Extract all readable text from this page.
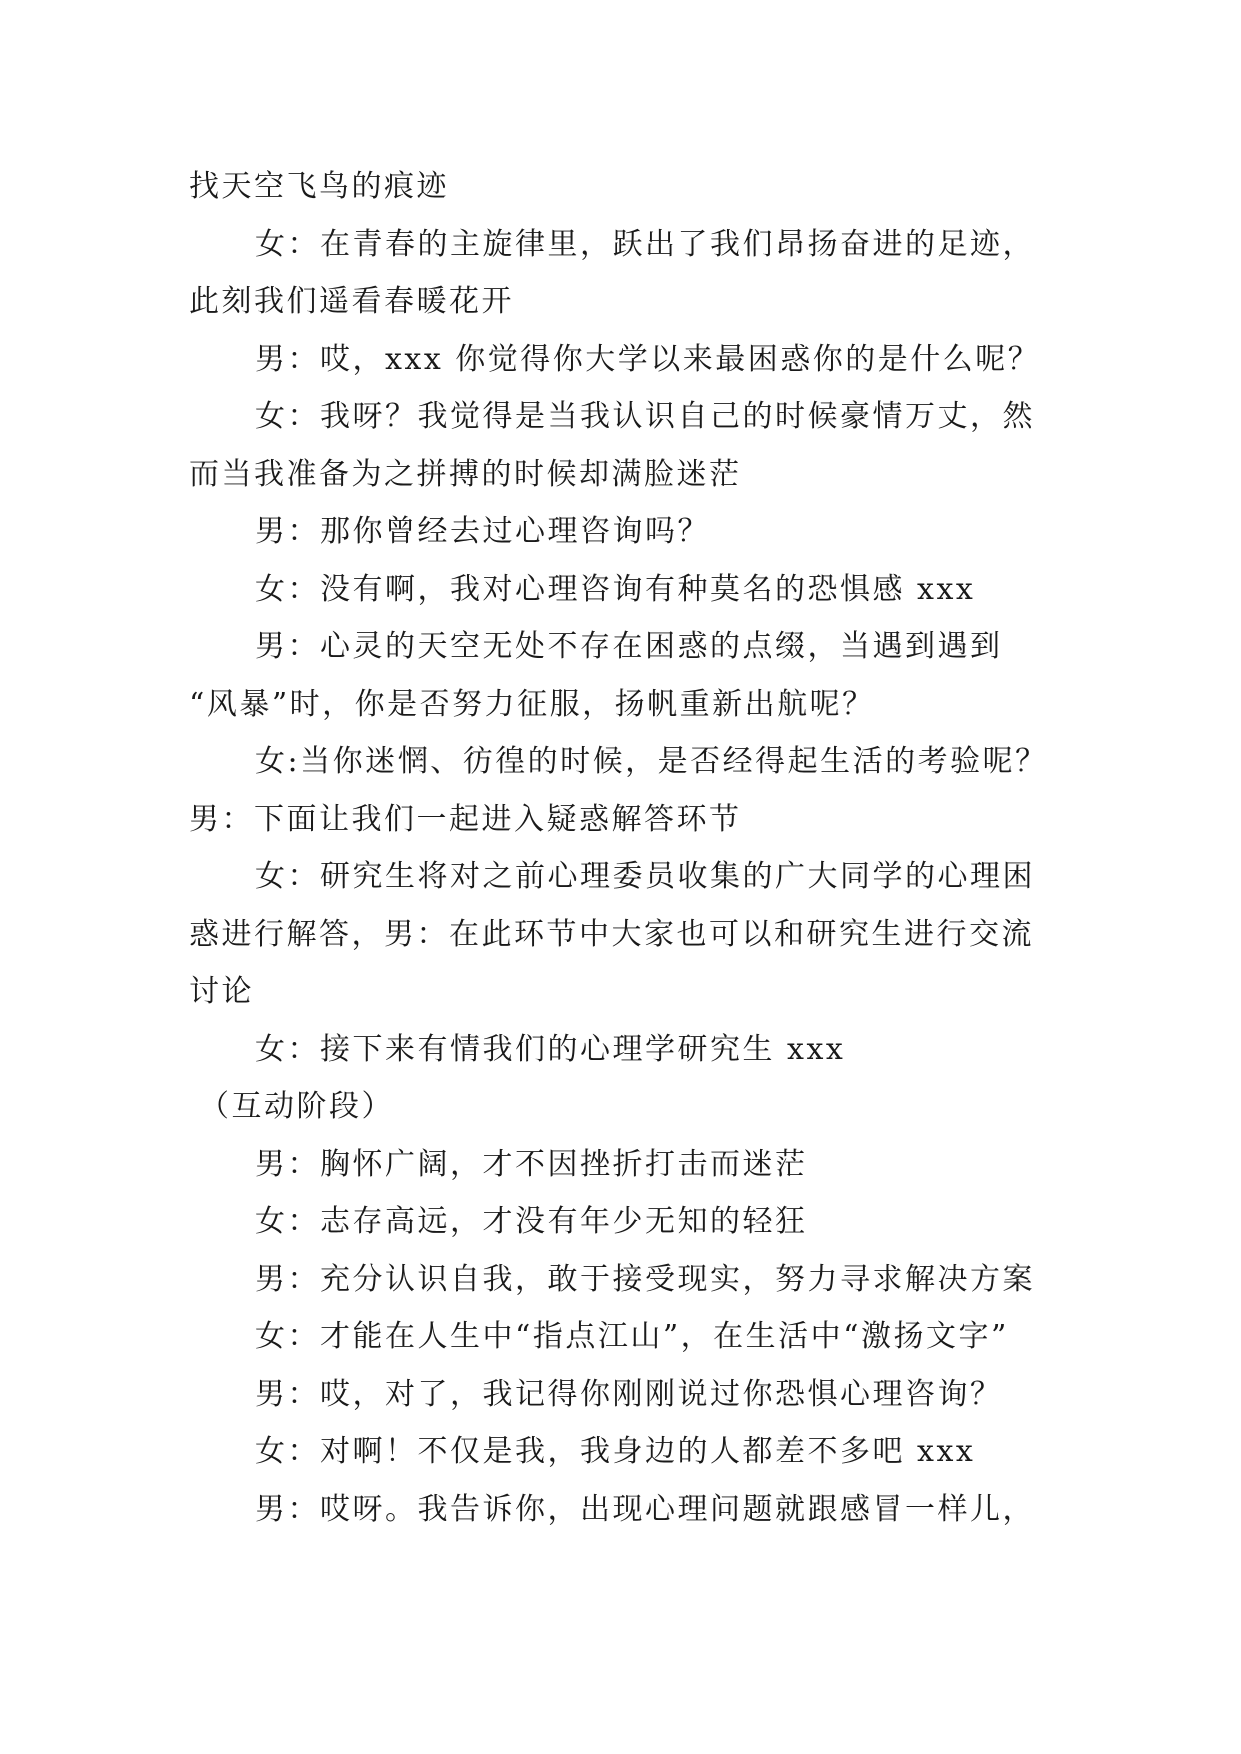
找天空飞鸟的痕迹
女：在青春的主旋律里，跃出了我们昂扬奋进的足迹，
此刻我们遥看春暖花开
男：哎，xxx 你觉得你大学以来最困惑你的是什么呢？
女：我呀？我觉得是当我认识自己的时候豪情万丈，然
而当我准备为之拼搏的时候却满脸迷茫
男：那你曾经去过心理咨询吗？
女：没有啊，我对心理咨询有种莫名的恐惧感 xxx
男：心灵的天空无处不存在困惑的点缀，当遇到遇到
“风暴”时，你是否努力征服，扬帆重新出航呢？
女:当你迷惘、彷徨的时候，是否经得起生活的考验呢？
男：下面让我们一起进入疑惑解答环节
女：研究生将对之前心理委员收集的广大同学的心理困
惑进行解答，男：在此环节中大家也可以和研究生进行交流
讨论
女：接下来有情我们的心理学研究生 xxx
（互动阶段）
男：胸怀广阔，才不因挫折打击而迷茫
女：志存高远，才没有年少无知的轻狂
男：充分认识自我，敢于接受现实，努力寻求解决方案
女：才能在人生中“指点江山”，在生活中“激扬文字”
男：哎，对了，我记得你刚刚说过你恐惧心理咨询？
女：对啊！不仅是我，我身边的人都差不多吧 xxx
男：哎呀。我告诉你，出现心理问题就跟感冒一样儿，
